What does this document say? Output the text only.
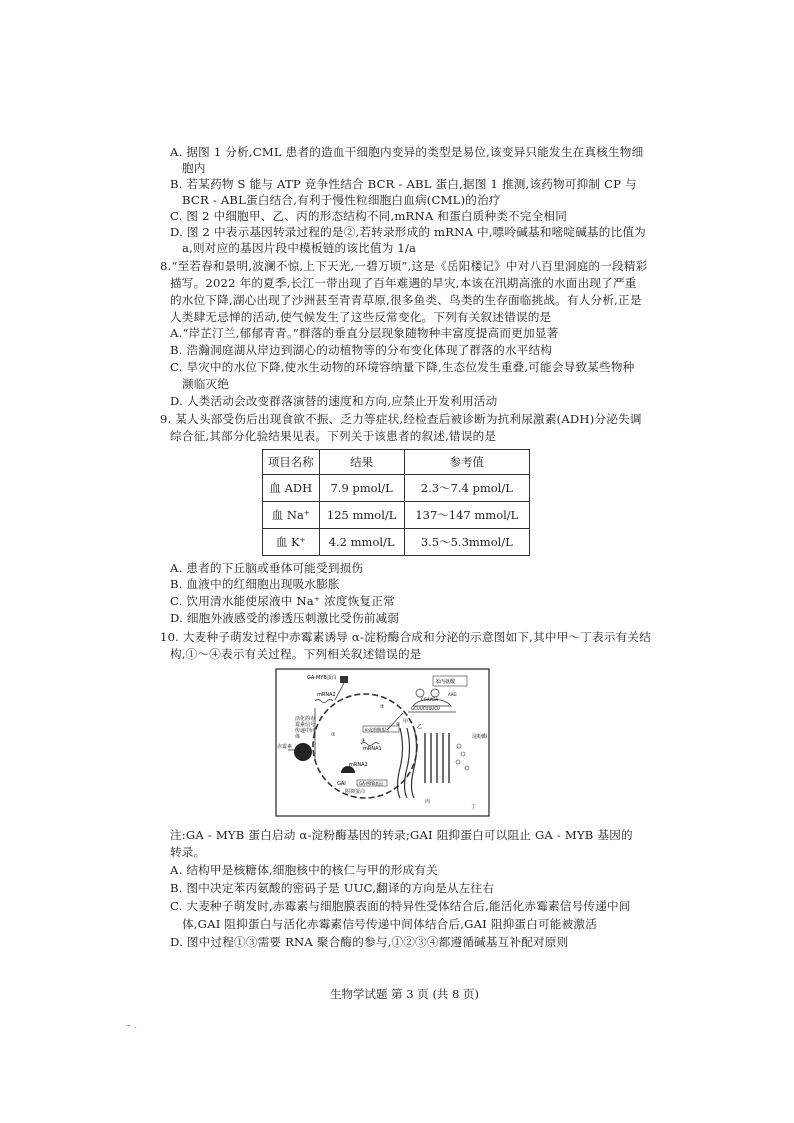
A. 据图 1 分析,CML 患者的造血干细胞内变异的类型是易位,该变异只能发生在真核生物细
胞内
B. 若某药物 S 能与 ATP 竞争性结合 BCR - ABL 蛋白,据图 1 推测,该药物可抑制 CP 与
BCR - ABL蛋白结合,有利于慢性粒细胞白血病(CML)的治疗
C. 图 2 中细胞甲、乙、丙的形态结构不同,mRNA 和蛋白质种类不完全相同
D. 图 2 中表示基因转录过程的是②,若转录形成的 mRNA 中,嘌呤碱基和嘧啶碱基的比值为
a,则对应的基因片段中模板链的该比值为 1/a
8.“至若春和景明,波澜不惊,上下天光,一碧万顷”,这是《岳阳楼记》中对八百里洞庭的一段精彩
描写。2022 年的夏季,长江一带出现了百年难遇的旱灾,本该在汛期高涨的水面出现了严重
的水位下降,湖心出现了沙洲甚至青青草原,很多鱼类、鸟类的生存面临挑战。有人分析,正是
人类肆无忌惮的活动,使气候发生了这些反常变化。下列有关叙述错误的是
A.“岸芷汀兰,郁郁青青。”群落的垂直分层现象随物种丰富度提高而更加显著
B. 浩瀚洞庭湖从岸边到湖心的动植物等的分布变化体现了群落的水平结构
C. 旱灾中的水位下降,使水生动物的环境容纳量下降,生态位发生重叠,可能会导致某些物种
濒临灭绝
D. 人类活动会改变群落演替的速度和方向,应禁止开发利用活动
9. 某人头部受伤后出现食欲不振、乏力等症状,经检查后被诊断为抗利尿激素(ADH)分泌失调
综合征,其部分化验结果见表。下列关于该患者的叙述,错误的是
A. 患者的下丘脑或垂体可能受到损伤
B. 血液中的红细胞出现吸水膨胀
C. 饮用清水能使尿液中 Na⁺ 浓度恢复正常
D. 细胞外液感受的渗透压刺激比受伤前减弱
10. 大麦种子萌发过程中赤霉素诱导 α-淀粉酶合成和分泌的示意图如下,其中甲～丁表示有关结
构,①～④表示有关过程。下列相关叙述错误的是
注:GA - MYB 蛋白启动 α-淀粉酶基因的转录;GAI 阻抑蛋白可以阻止 GA - MYB 基因的
转录。
A. 结构甲是核糖体,细胞核中的核仁与甲的形成有关
B. 图中决定苯丙氨酸的密码子是 UUC,翻译的方向是从左往右
C. 大麦种子萌发时,赤霉素与细胞膜表面的特异性受体结合后,能活化赤霉素信号传递中间
体,GAI 阻抑蛋白与活化赤霉素信号传递中间体结合后,GAI 阻抑蛋白可能被激活
D. 图中过程①③需要 RNA 聚合酶的参与,①②③④都遵循碱基互补配对原则
项目名称	结果	参考值
血 ADH	7.9 pmol/L	2.3～7.4 pmol/L
血 Na⁺	125 mmol/L	137～147 mmol/L
血 K⁺	4.2 mmol/L	3.5～5.3mmol/L
GA-MYB蛋白
mRNA2
活化的赤霉素信号传递中间体
赤霉素
GAI
阻抑蛋白
mRNA2
GA-MYB基因
α-淀粉酶基因
③
mRNA1
④ 甲
乙
丙
丁
淀粉酶
苯丙氨酸
AAG
CGAAGA
GCUUCUUUCU
①
②
生物学试题 第 3 页 (共 8 页)
– .
